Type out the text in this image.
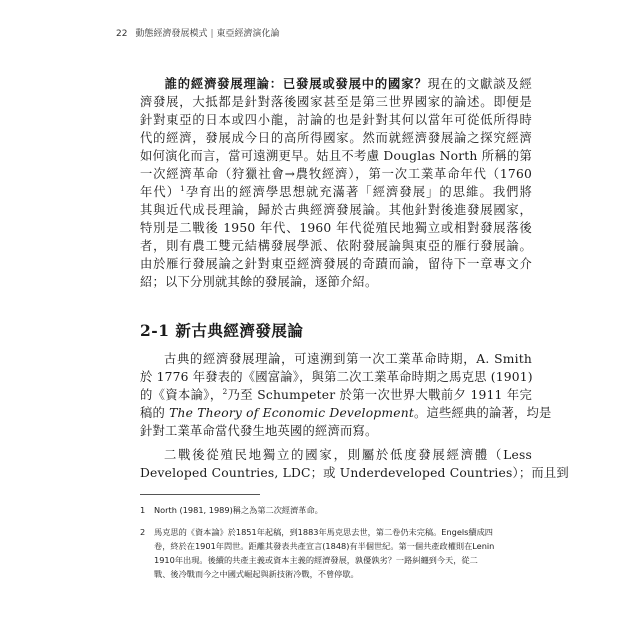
22 動態經濟發展模式 | 東亞經濟演化論
誰的經濟發展理論：已發展或發展中的國家？現在的文獻談及經
濟發展，大抵都是針對落後國家甚至是第三世界國家的論述。即便是
針對東亞的日本或四小龍，討論的也是針對其何以當年可從低所得時
代的經濟，發展成今日的高所得國家。然而就經濟發展論之探究經濟
如何演化而言，當可遠溯更早。姑且不考慮 Douglas North 所稱的第
一次經濟革命（狩獵社會→農牧經濟），第一次工業革命年代（1760
年代）$^1$孕育出的經濟學思想就充滿著「經濟發展」的思維。我們將
其與近代成長理論，歸於古典經濟發展論。其他針對後進發展國家，
特別是二戰後 1950 年代、1960 年代從殖民地獨立或相對發展落後
者，則有農工雙元結構發展學派、依附發展論與東亞的雁行發展論。
由於雁行發展論之針對東亞經濟發展的奇蹟而論，留待下一章專文介
紹；以下分別就其餘的發展論，逐節介紹。
2-1 新古典經濟發展論
古典的經濟發展理論，可遠溯到第一次工業革命時期，A. Smith
於 1776 年發表的《國富論》，與第二次工業革命時期之馬克思 (1901)
的《資本論》，$^2$乃至 Schumpeter 於第一次世界大戰前夕 1911 年完
稿的 The Theory of Economic Development。這些經典的論著，均是
針對工業革命當代發生地英國的經濟而寫。
二戰後從殖民地獨立的國家，則屬於低度發展經濟體（Less
Developed Countries, LDC；或 Underdeveloped Countries）；而且到
1 North (1981, 1989)稱之為第二次經濟革命。
2 馬克思的《資本論》於1851年起稿，到1883年馬克思去世，第二卷仍未完稿。Engels續成四
卷，終於在1901年問世。距離其發表共產宣言(1848)有半個世紀。第一個共產政權則在Lenin
1910年出現。後續的共產主義或資本主義的經濟發展，孰優孰劣？一路糾纏到今天，從二
戰、後冷戰而今之中國式崛起與新技術冷戰，不曾停歇。
